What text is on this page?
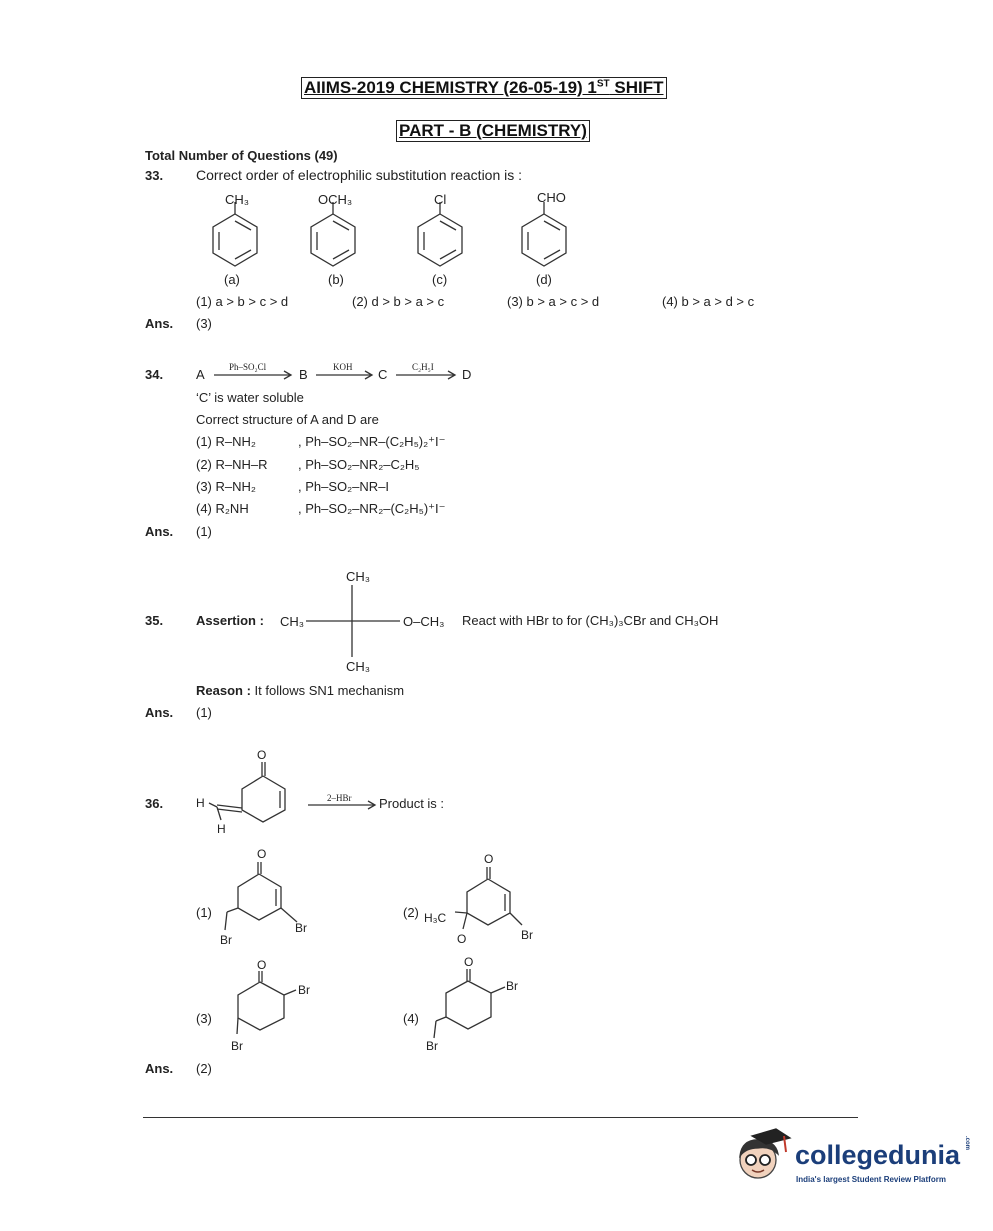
AIIMS-2019 CHEMISTRY (26-05-19) 1ST SHIFT
PART - B (CHEMISTRY)
Total Number of Questions (49)
33. Correct order of electrophilic substitution reaction is :
CH₃	OCH₃	Cl	CHO
(a)	(b)	(c)	(d)
(1) a > b > c > d	(2) d > b > a > c	(3) b > a > c > d	(4) b > a > d > c
Ans. (3)
34.	A	Ph–SO₂Cl	B	KOH C	C₂H₅I D
‘C’ is water soluble
Correct structure of A and D are
(1) R–NH₂	, Ph–SO₂–NR–(C₂H₅)₂⁺I⁻
(2) R–NH–R , Ph–SO₂–NR₂–C₂H₅
(3) R–NH₂	, Ph–SO₂–NR–I
(4) R₂NH	, Ph–SO₂–NR₂–(C₂H₅)⁺I⁻
Ans. (1)
35.	Assertion :
CH₃
CH₃
CH₃
O–CH₃ React with HBr to for (CH₃)₃CBr and CH₃OH
Reason : It follows SN1 mechanism
Ans. (1)
36.	H
H
O
2–HBr Product is :
(1)
O
Br
Br
(2) H₃C
O
O	Br
(3)
O
Br
Br
(4)
O
Br
Br
Ans. (2)
collegedunia .com
India's largest Student Review Platform
